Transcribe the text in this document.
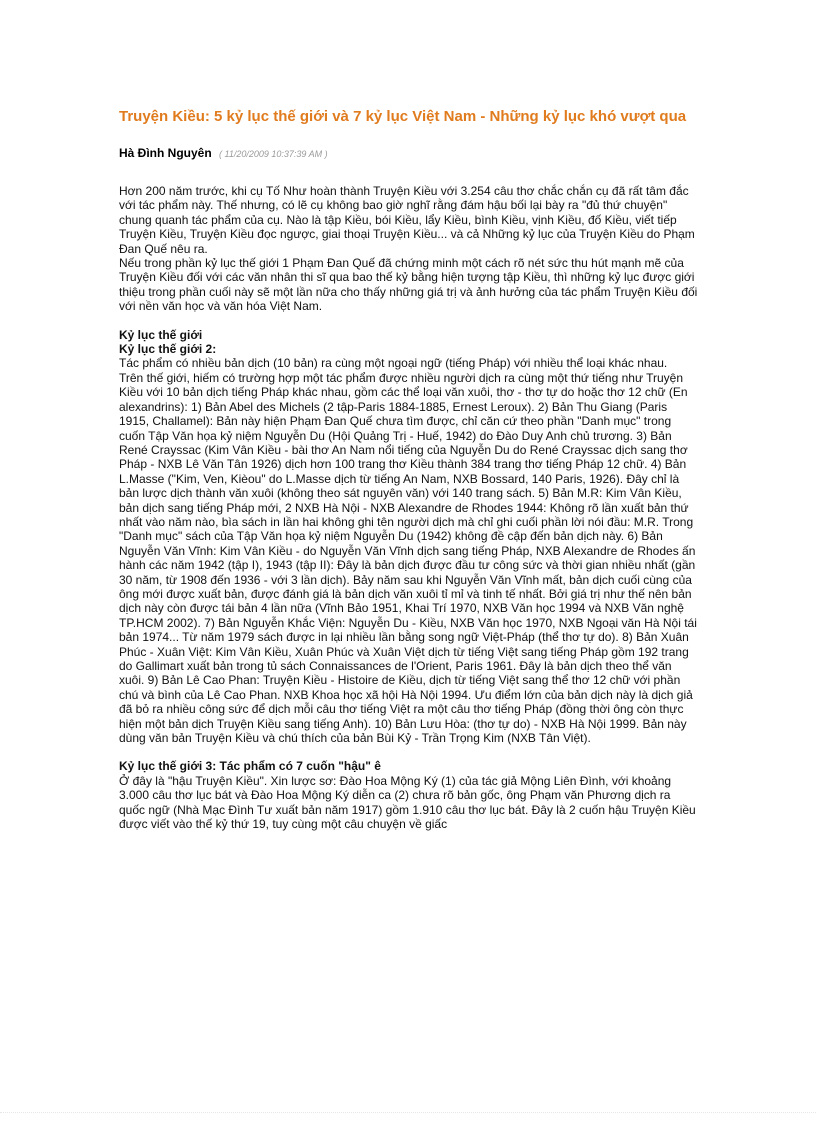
Truyện Kiều: 5 kỷ lục thế giới và 7 kỷ lục Việt Nam - Những kỷ lục khó vượt qua
Hà Đình Nguyên ( 11/20/2009 10:37:39 AM )

Hơn 200 năm trước, khi cụ Tố Như hoàn thành Truyện Kiều với 3.254 câu thơ chắc chắn cụ đã rất tâm đắc với tác phẩm này. Thế nhưng, có lẽ cụ không bao giờ nghĩ rằng đám hậu bối lại bày ra "đủ thứ chuyện" chung quanh tác phẩm của cụ. Nào là tập Kiều, bói Kiều, lẩy Kiều, bình Kiều, vịnh Kiều, đố Kiều, viết tiếp Truyện Kiều, Truyện Kiều đọc ngược, giai thoại Truyện Kiều... và cả Những kỷ lục của Truyện Kiều do Phạm Đan Quế nêu ra.

Nếu trong phần kỷ lục thế giới 1 Phạm Đan Quế đã chứng minh một cách rõ nét sức thu hút mạnh mẽ của Truyện Kiều đối với các văn nhân thi sĩ qua bao thế kỷ bằng hiện tượng tập Kiều, thì những kỷ lục được giới thiệu trong phần cuối này sẽ một lần nữa cho thấy những giá trị và ảnh hưởng của tác phẩm Truyện Kiều đối với nền văn học và văn hóa Việt Nam.

Kỷ lục thế giới

Kỷ lục thế giới 2:

Tác phẩm có nhiều bản dịch (10 bản) ra cùng một ngoại ngữ (tiếng Pháp) với nhiều thể loại khác nhau.

Trên thế giới, hiếm có trường hợp một tác phẩm được nhiều người dịch ra cùng một thứ tiếng như Truyện Kiều với 10 bản dịch tiếng Pháp khác nhau, gồm các thể loại văn xuôi, thơ - thơ tự do hoặc thơ 12 chữ (En alexandrins): 1) Bản Abel des Michels (2 tập-Paris 1884-1885, Ernest Leroux). 2) Bản Thu Giang (Paris 1915, Challamel): Bản này hiện Phạm Đan Quế chưa tìm được, chỉ căn cứ theo phần "Danh mục" trong cuốn Tập Văn họa kỷ niệm Nguyễn Du (Hội Quảng Trị - Huế, 1942) do Đào Duy Anh chủ trương. 3) Bản René Crayssac (Kim Vân Kiều - bài thơ An Nam nổi tiếng của Nguyễn Du do René Crayssac dịch sang thơ Pháp - NXB Lê Văn Tân 1926) dịch hơn 100 trang thơ Kiều thành 384 trang thơ tiếng Pháp 12 chữ. 4) Bản L.Masse ("Kim, Ven, Kièou" do L.Masse dịch từ tiếng An Nam, NXB Bossard, 140 Paris, 1926). Đây chỉ là bản lược dịch thành văn xuôi (không theo sát nguyên văn) với 140 trang sách. 5) Bản M.R: Kim Vân Kiều, bản dịch sang tiếng Pháp mới, 2 NXB Hà Nội - NXB Alexandre de Rhodes 1944: Không rõ lần xuất bản thứ nhất vào năm nào, bìa sách in lần hai không ghi tên người dịch mà chỉ ghi cuối phần lời nói đầu: M.R. Trong "Danh mục" sách của Tập Văn họa kỷ niệm Nguyễn Du (1942) không đề cập đến bản dịch này. 6) Bản Nguyễn Văn Vĩnh: Kim Vân Kiều - do Nguyễn Văn Vĩnh dịch sang tiếng Pháp, NXB Alexandre de Rhodes ấn hành các năm 1942 (tập I), 1943 (tập II): Đây là bản dịch được đầu tư công sức và thời gian nhiều nhất (gần 30 năm, từ 1908 đến 1936 - với 3 lần dịch). Bảy năm sau khi Nguyễn Văn Vĩnh mất, bản dịch cuối cùng của ông mới được xuất bản, được đánh giá là bản dịch văn xuôi tỉ mỉ và tinh tế nhất. Bởi giá trị như thế nên bản dịch này còn được tái bản 4 lần nữa (Vĩnh Bảo 1951, Khai Trí 1970, NXB Văn học 1994 và NXB Văn nghệ TP.HCM 2002). 7) Bản Nguyễn Khắc Viện: Nguyễn Du - Kiều, NXB Văn học 1970, NXB Ngoại văn Hà Nội tái bản 1974... Từ năm 1979 sách được in lại nhiều lần bằng song ngữ Việt-Pháp (thể thơ tự do). 8) Bản Xuân Phúc - Xuân Việt: Kim Vân Kiều, Xuân Phúc và Xuân Việt dịch từ tiếng Việt sang tiếng Pháp gồm 192 trang do Gallimart xuất bản trong tủ sách Connaissances de l'Orient, Paris 1961. Đây là bản dịch theo thể văn xuôi. 9) Bản Lê Cao Phan: Truyện Kiều - Histoire de Kiều, dịch từ tiếng Việt sang thể thơ 12 chữ với phần chú và bình của Lê Cao Phan. NXB Khoa học xã hội Hà Nội 1994. Ưu điểm lớn của bản dịch này là dịch giả đã bỏ ra nhiều công sức để dịch mỗi câu thơ tiếng Việt ra một câu thơ tiếng Pháp (đồng thời ông còn thực hiện một bản dịch Truyện Kiều sang tiếng Anh). 10) Bản Lưu Hòa: (thơ tự do) - NXB Hà Nội 1999. Bản này dùng văn bản Truyện Kiều và chú thích của bản Bùi Kỷ - Trần Trọng Kim (NXB Tân Việt).

Kỷ lục thế giới 3: Tác phẩm có 7 cuốn "hậu" ê

Ở đây là "hậu Truyện Kiều". Xin lược sơ: Đào Hoa Mộng Ký (1) của tác giả Mộng Liên Đình, với khoảng 3.000 câu thơ lục bát và Đào Hoa Mộng Ký diễn ca (2) chưa rõ bản gốc, ông Phạm văn Phương dịch ra quốc ngữ (Nhà Mạc Đình Tư xuất bản năm 1917) gồm 1.910 câu thơ lục bát. Đây là 2 cuốn hậu Truyện Kiều được viết vào thế kỷ thứ 19, tuy cùng một câu chuyện về giấc
